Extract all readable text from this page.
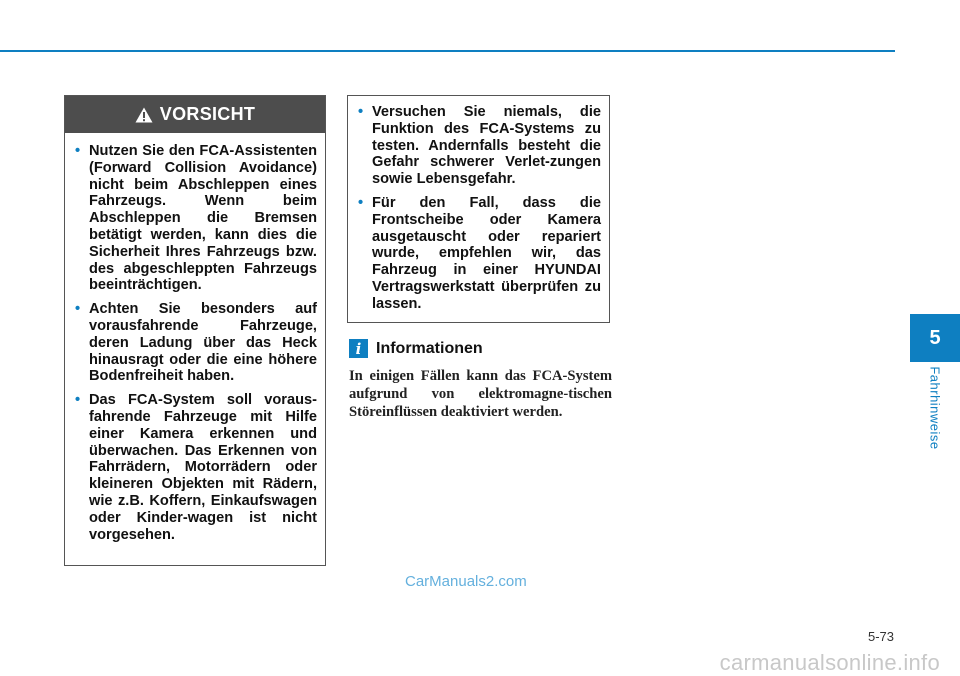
VORSICHT
• Nutzen Sie den FCA-Assistenten (Forward Collision Avoidance) nicht beim Abschleppen eines Fahrzeugs. Wenn beim Abschleppen die Bremsen betätigt werden, kann dies die Sicherheit Ihres Fahrzeugs bzw. des abgeschleppten Fahrzeugs beeinträchtigen.
• Achten Sie besonders auf vorausfahrende Fahrzeuge, deren Ladung über das Heck hinausragt oder die eine höhere Bodenfreiheit haben.
• Das FCA-System soll voraus-fahrende Fahrzeuge mit Hilfe einer Kamera erkennen und überwachen. Das Erkennen von Fahrrädern, Motorrädern oder kleineren Objekten mit Rädern, wie z.B. Koffern, Einkaufswagen oder Kinder-wagen ist nicht vorgesehen.
• Versuchen Sie niemals, die Funktion des FCA-Systems zu testen. Andernfalls besteht die Gefahr schwerer Verlet-zungen sowie Lebensgefahr.
• Für den Fall, dass die Frontscheibe oder Kamera ausgetauscht oder repariert wurde, empfehlen wir, das Fahrzeug in einer HYUNDAI Vertragswerkstatt überprüfen zu lassen.
i Informationen
In einigen Fällen kann das FCA-System aufgrund von elektromagne-tischen Störeinflüssen deaktiviert werden.
5
Fahrhinweise
CarManuals2.com
5-73
carmanualsonline.info
